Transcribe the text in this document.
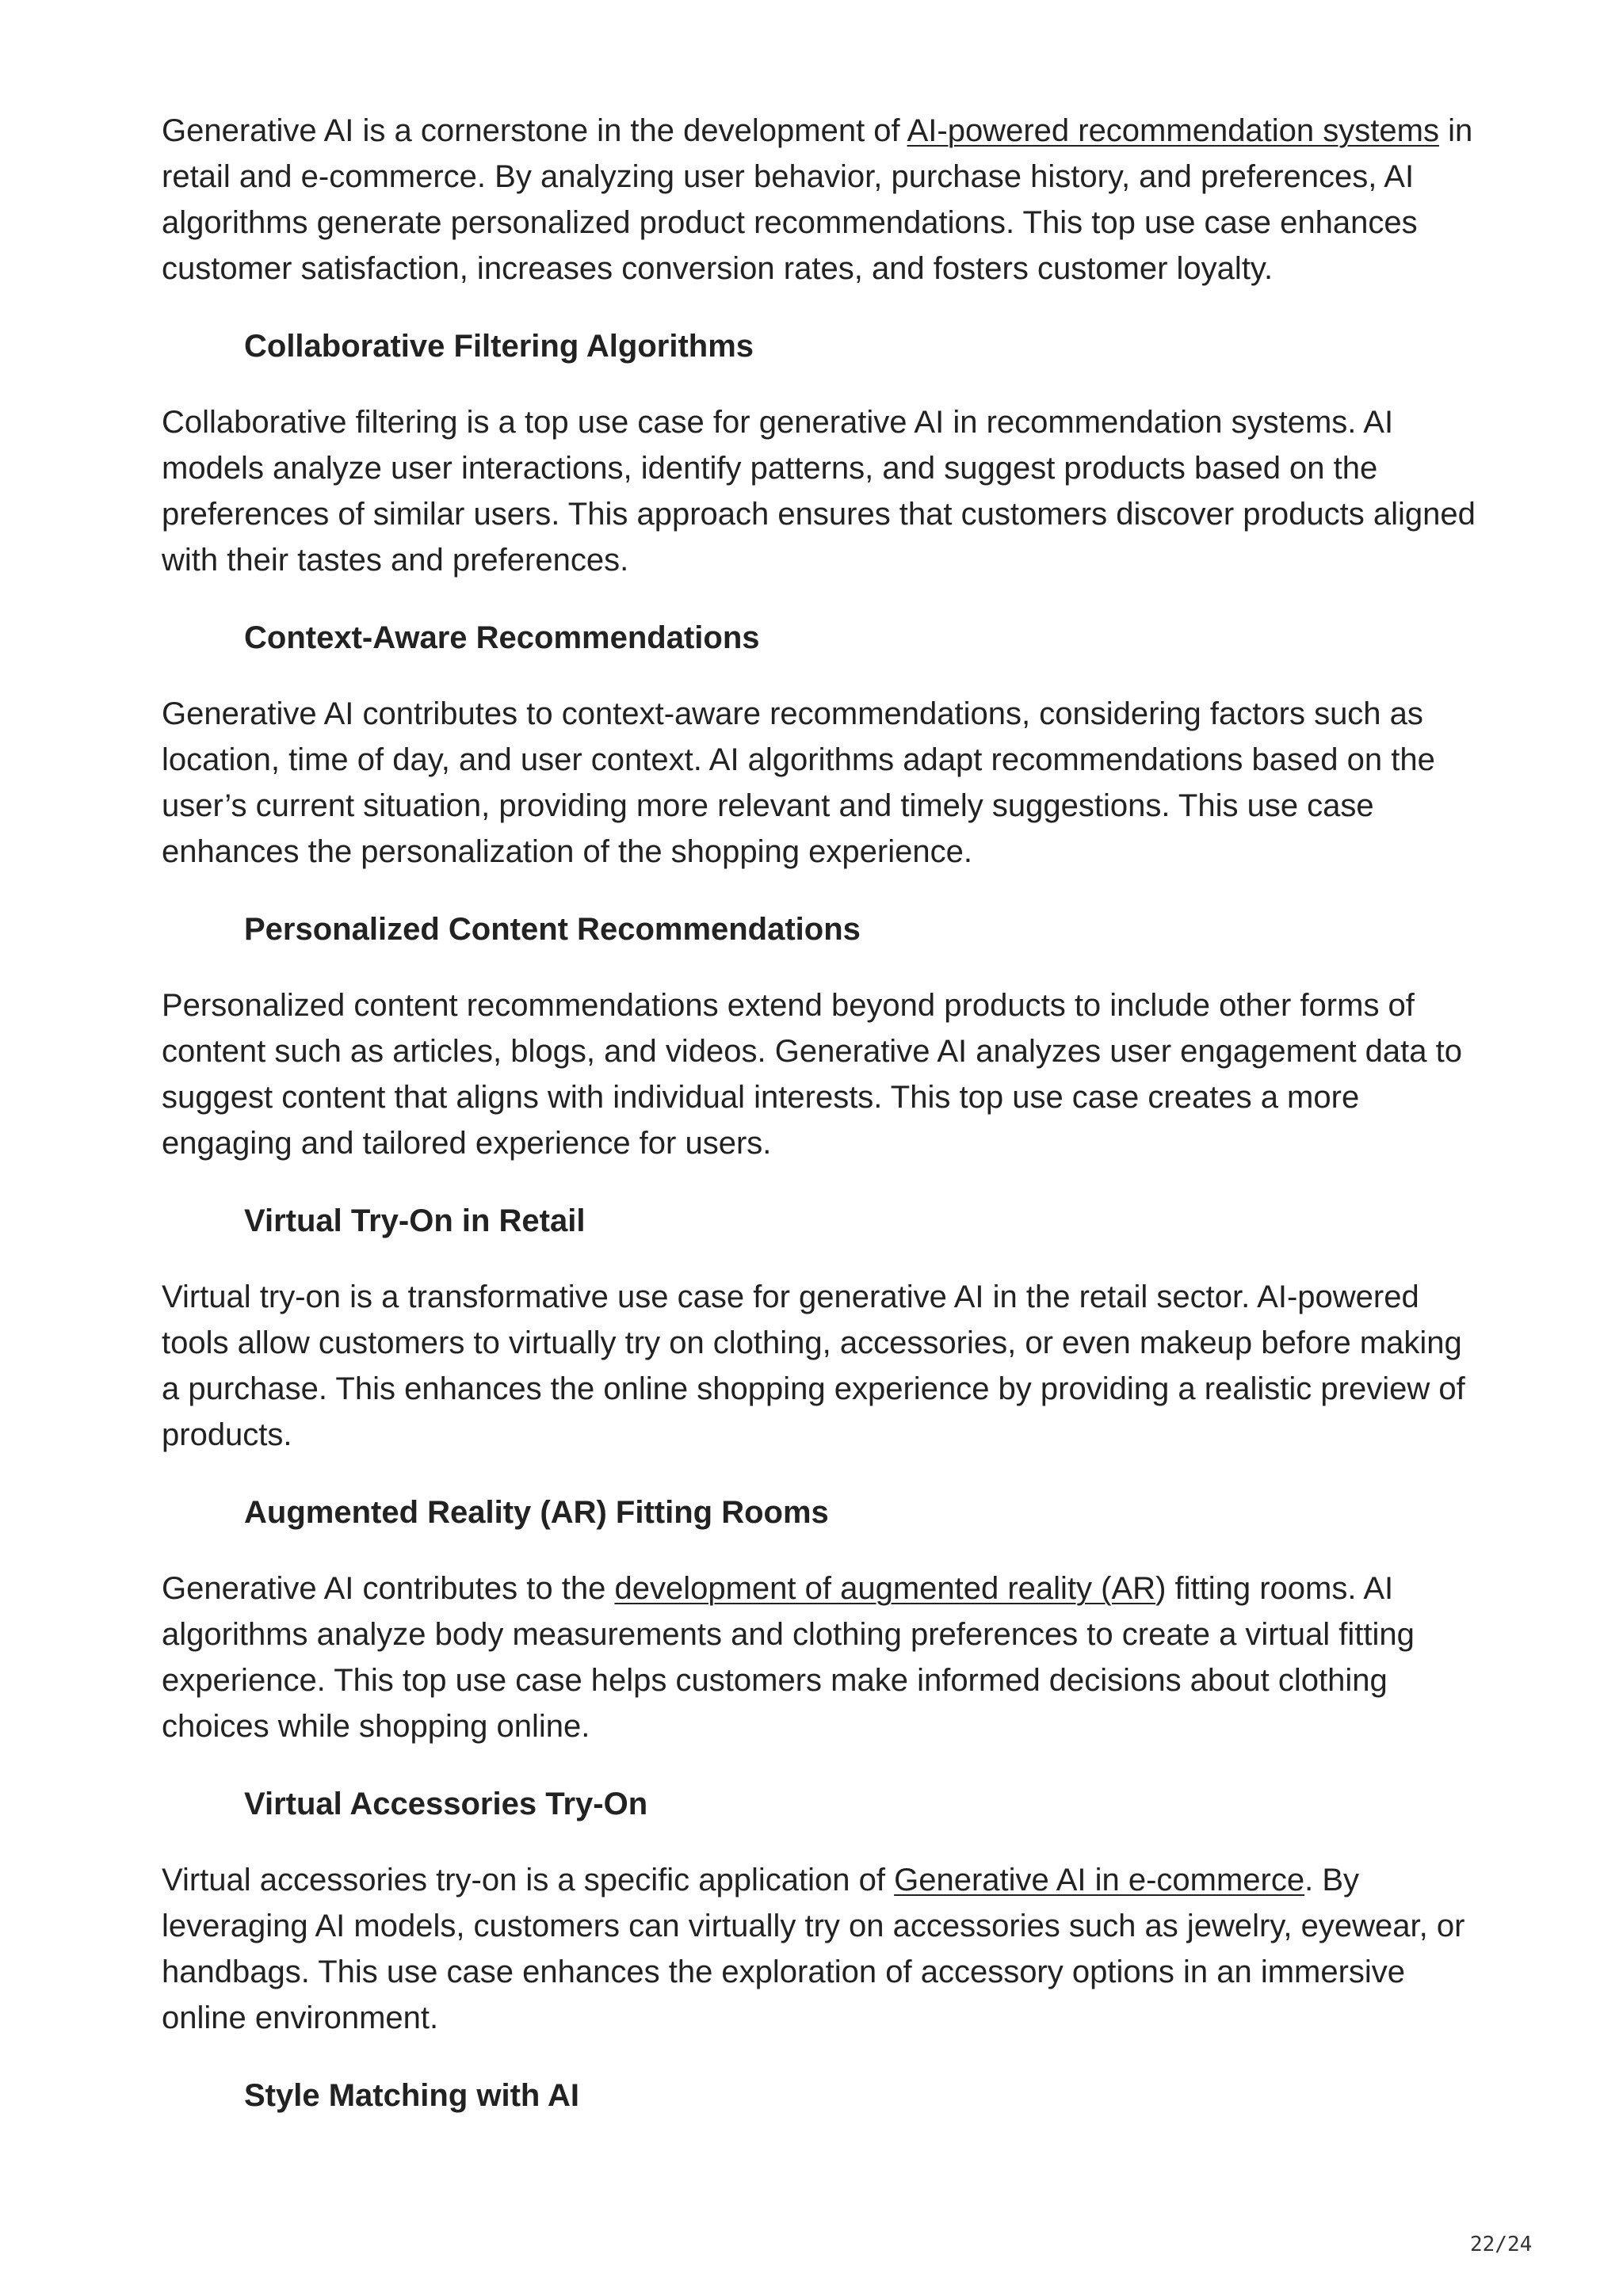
Generative AI is a cornerstone in the development of AI-powered recommendation systems in retail and e-commerce. By analyzing user behavior, purchase history, and preferences, AI algorithms generate personalized product recommendations. This top use case enhances customer satisfaction, increases conversion rates, and fosters customer loyalty.

Collaborative Filtering Algorithms

Collaborative filtering is a top use case for generative AI in recommendation systems. AI models analyze user interactions, identify patterns, and suggest products based on the preferences of similar users. This approach ensures that customers discover products aligned with their tastes and preferences.

Context-Aware Recommendations

Generative AI contributes to context-aware recommendations, considering factors such as location, time of day, and user context. AI algorithms adapt recommendations based on the user’s current situation, providing more relevant and timely suggestions. This use case enhances the personalization of the shopping experience.

Personalized Content Recommendations

Personalized content recommendations extend beyond products to include other forms of content such as articles, blogs, and videos. Generative AI analyzes user engagement data to suggest content that aligns with individual interests. This top use case creates a more engaging and tailored experience for users.

Virtual Try-On in Retail

Virtual try-on is a transformative use case for generative AI in the retail sector. AI-powered tools allow customers to virtually try on clothing, accessories, or even makeup before making a purchase. This enhances the online shopping experience by providing a realistic preview of products.

Augmented Reality (AR) Fitting Rooms

Generative AI contributes to the development of augmented reality (AR) fitting rooms. AI algorithms analyze body measurements and clothing preferences to create a virtual fitting experience. This top use case helps customers make informed decisions about clothing choices while shopping online.

Virtual Accessories Try-On

Virtual accessories try-on is a specific application of Generative AI in e-commerce. By leveraging AI models, customers can virtually try on accessories such as jewelry, eyewear, or handbags. This use case enhances the exploration of accessory options in an immersive online environment.

Style Matching with AI
22/24
